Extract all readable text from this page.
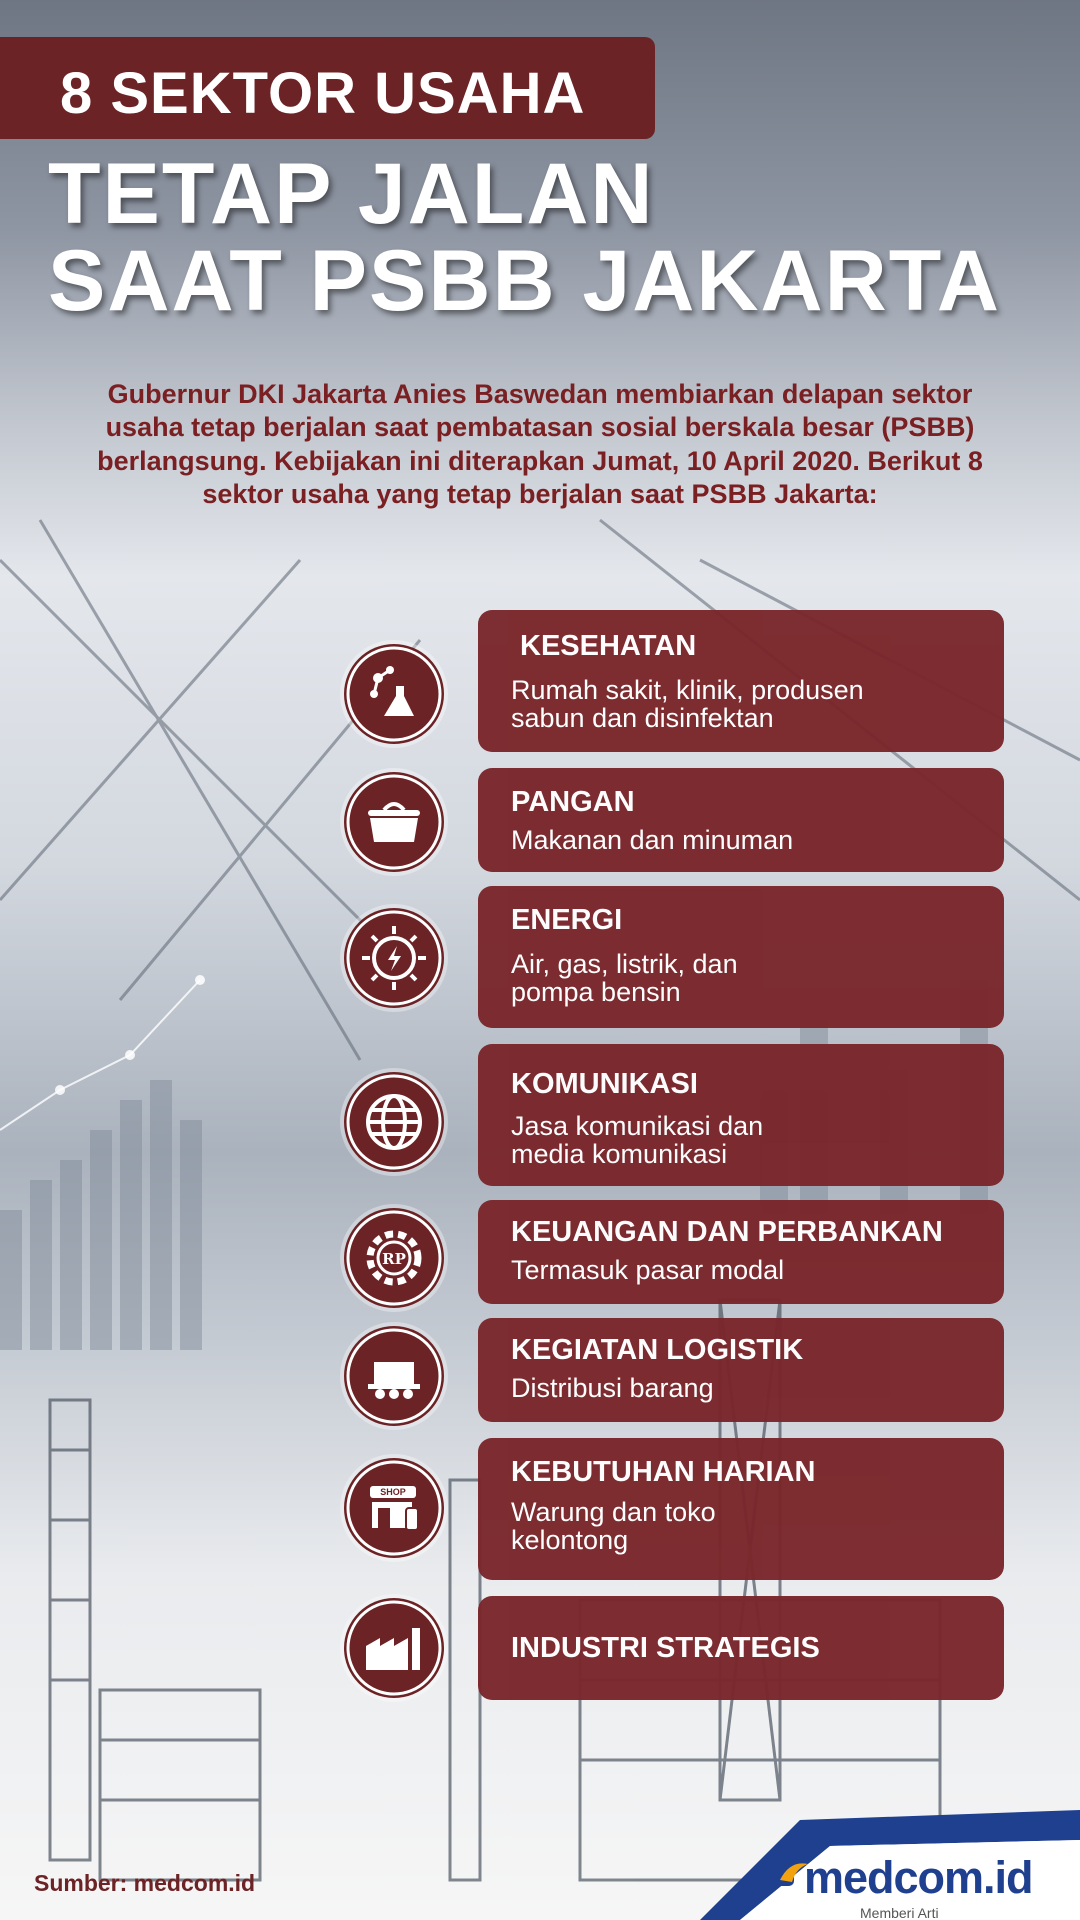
8 SEKTOR USAHA
TETAP JALAN
SAAT PSBB JAKARTA
Gubernur DKI Jakarta Anies Baswedan membiarkan delapan sektor usaha tetap berjalan saat pembatasan sosial berskala besar (PSBB) berlangsung. Kebijakan ini diterapkan Jumat, 10 April 2020. Berikut 8 sektor usaha yang tetap berjalan saat PSBB Jakarta:
KESEHATAN
Rumah sakit, klinik, produsen
sabun dan disinfektan
PANGAN
Makanan dan minuman
ENERGI
Air, gas, listrik, dan
pompa bensin
KOMUNIKASI
Jasa komunikasi dan
media komunikasi
RP
KEUANGAN DAN PERBANKAN
Termasuk pasar modal
KEGIATAN LOGISTIK
Distribusi barang
SHOP
KEBUTUHAN HARIAN
Warung dan toko
kelontong
INDUSTRI STRATEGIS
Sumber: medcom.id	medcom.id
Memberi Arti
